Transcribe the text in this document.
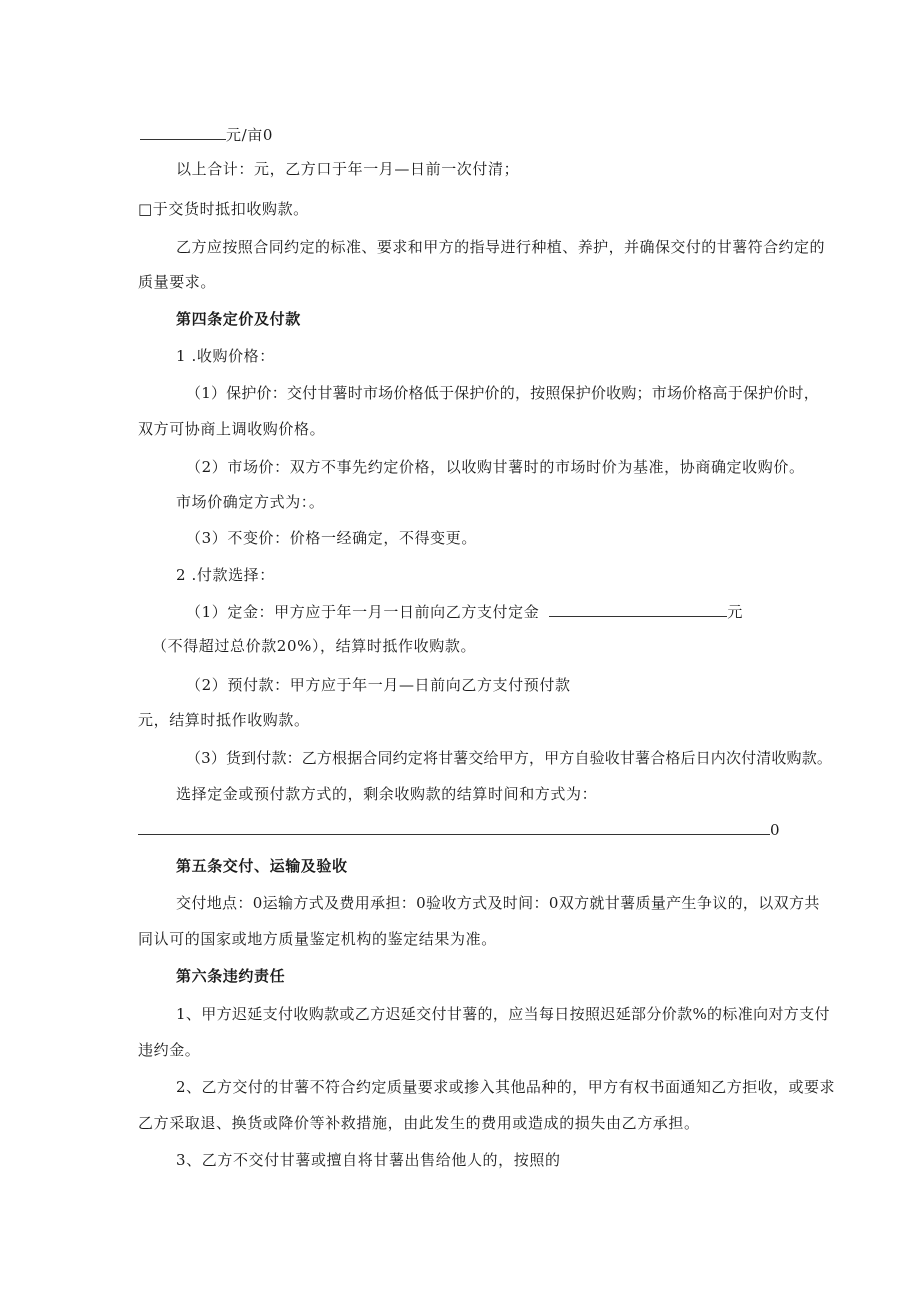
元/亩0
以上合计：元，乙方口于年一月—日前一次付清；
□于交货时抵扣收购款。
乙方应按照合同约定的标准、要求和甲方的指导进行种植、养护，并确保交付的甘薯符合约定的
质量要求。
第四条定价及付款
1 .收购价格：
（1）保护价：交付甘薯时市场价格低于保护价的，按照保护价收购；市场价格高于保护价时，
双方可协商上调收购价格。
（2）市场价：双方不事先约定价格，以收购甘薯时的市场时价为基准，协商确定收购价。
市场价确定方式为：。
（3）不变价：价格一经确定，不得变更。
2 .付款选择：
（1）定金：甲方应于年一月一日前向乙方支付定金	元
（不得超过总价款20%），结算时抵作收购款。
（2）预付款：甲方应于年一月—日前向乙方支付预付款
元，结算时抵作收购款。
（3）货到付款：乙方根据合同约定将甘薯交给甲方，甲方自验收甘薯合格后日内次付清收购款。
选择定金或预付款方式的，剩余收购款的结算时间和方式为：
0
第五条交付、运输及验收
交付地点：0运输方式及费用承担：0验收方式及时间：0双方就甘薯质量产生争议的，以双方共
同认可的国家或地方质量鉴定机构的鉴定结果为准。
第六条违约责任
1、甲方迟延支付收购款或乙方迟延交付甘薯的，应当每日按照迟延部分价款%的标准向对方支付
违约金。
2、乙方交付的甘薯不符合约定质量要求或掺入其他品种的，甲方有权书面通知乙方拒收，或要求
乙方采取退、换货或降价等补救措施，由此发生的费用或造成的损失由乙方承担。
3、乙方不交付甘薯或擅自将甘薯出售给他人的，按照的
